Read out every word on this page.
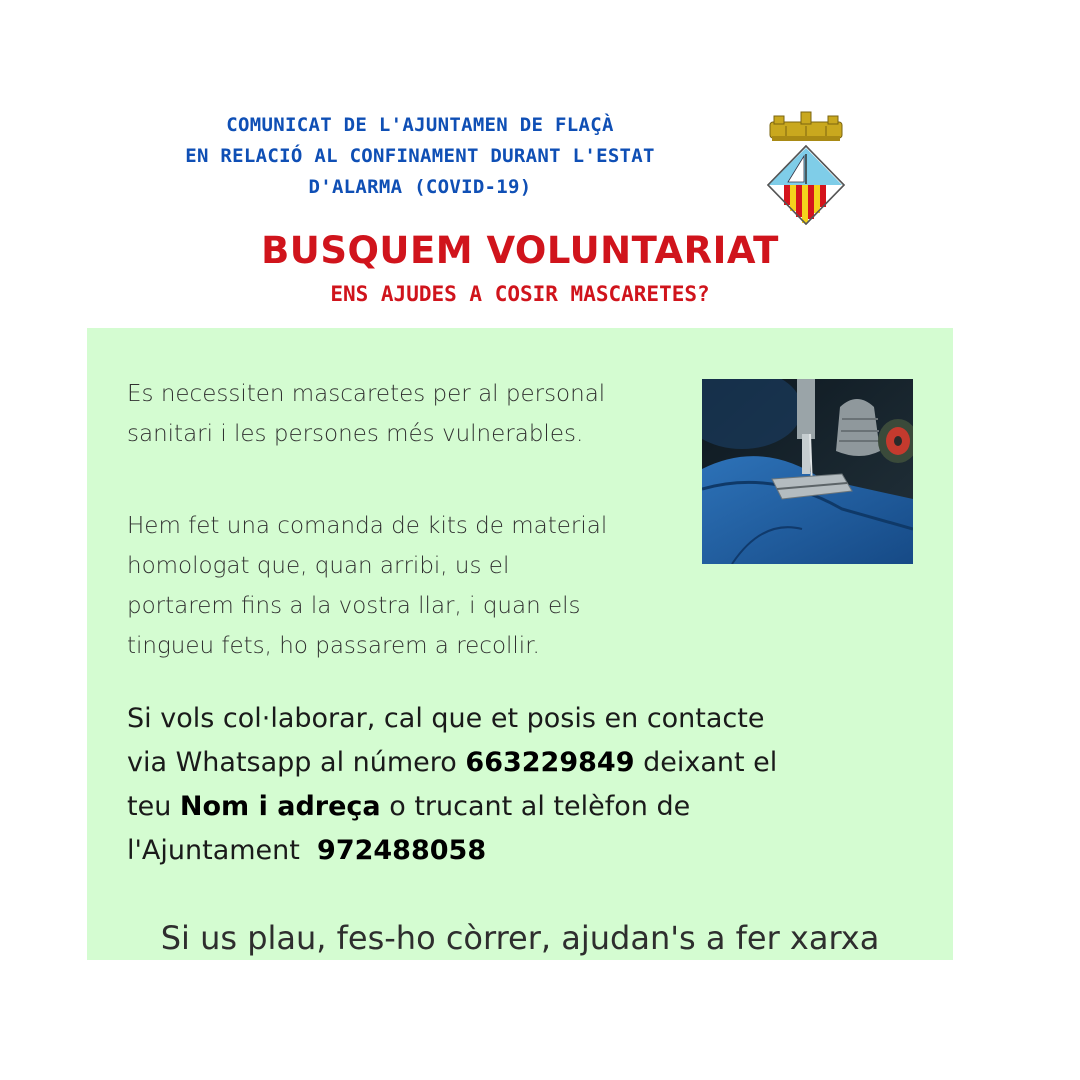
COMUNICAT DE L'AJUNTAMEN DE FLAÇÀ
EN RELACIÓ AL CONFINAMENT DURANT L'ESTAT
D'ALARMA (COVID-19)
BUSQUEM VOLUNTARIAT
ENS AJUDES A COSIR MASCARETES?
Es necessiten mascaretes per al personal
sanitari i les persones més vulnerables.
Hem fet una comanda de kits de material
homologat que, quan arribi, us el
portarem fins a la vostra llar, i quan els
tingueu fets, ho passarem a recollir.
Si vols col·laborar, cal que et posis en contacte
via Whatsapp al número 663229849 deixant el
teu Nom i adreça o trucant al telèfon de
l'Ajuntament  972488058
Si us plau, fes-ho còrrer, ajudan's a fer xarxa
